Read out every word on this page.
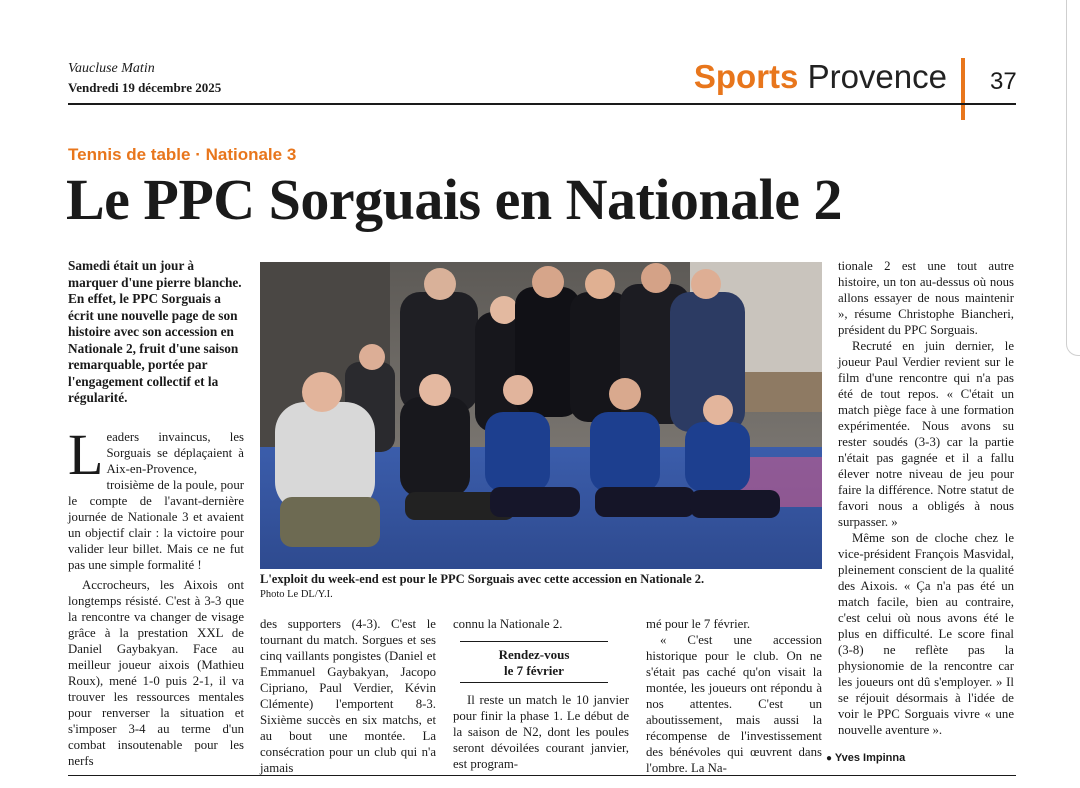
Vaucluse Matin
Vendredi 19 décembre 2025	Sports Provence 37
Tennis de table · Nationale 3
Le PPC Sorguais en Nationale 2

Samedi était un jour à marquer d'une pierre blanche. En effet, le PPC Sorguais a écrit une nouvelle page de son histoire avec son accession en Nationale 2, fruit d'une saison remarquable, portée par l'engagement collectif et la régularité.

Leaders invaincus, les Sorguais se déplaçaient à Aix-en-Provence, troisième de la poule, pour le compte de l'avant-dernière journée de Nationale 3 et avaient un objectif clair : la victoire pour valider leur billet. Mais ce ne fut pas une simple formalité !

Accrocheurs, les Aixois ont longtemps résisté. C'est à 3-3 que la rencontre va changer de visage grâce à la prestation XXL de Daniel Gaybakyan. Face au meilleur joueur aixois (Mathieu Roux), mené 1-0 puis 2-1, il va trouver les ressources mentales pour renverser la situation et s'imposer 3-4 au terme d'un combat insoutenable pour les nerfs

L'exploit du week-end est pour le PPC Sorguais avec cette accession en Nationale 2.
Photo Le DL/Y.I.

des supporters (4-3). C'est le tournant du match. Sorgues et ses cinq vaillants pongistes (Daniel et Emmanuel Gaybakyan, Jacopo Cipriano, Paul Verdier, Kévin Clémente) l'emportent 8-3. Sixième succès en six matchs, et au bout une montée. La consécration pour un club qui n'a jamais

connu la Nationale 2.

Rendez-vous
le 7 février

Il reste un match le 10 janvier pour finir la phase 1. Le début de la saison de N2, dont les poules seront dévoilées courant janvier, est program-

mé pour le 7 février.

« C'est une accession historique pour le club. On ne s'était pas caché qu'on visait la montée, les joueurs ont répondu à nos attentes. C'est un aboutissement, mais aussi la récompense de l'investissement des bénévoles qui œuvrent dans l'ombre. La Na-

tionale 2 est une tout autre histoire, un ton au-dessus où nous allons essayer de nous maintenir », résume Christophe Biancheri, président du PPC Sorguais.

Recruté en juin dernier, le joueur Paul Verdier revient sur le film d'une rencontre qui n'a pas été de tout repos. « C'était un match piège face à une formation expérimentée. Nous avons su rester soudés (3-3) car la partie n'était pas gagnée et il a fallu élever notre niveau de jeu pour faire la différence. Notre statut de favori nous a obligés à nous surpasser. »

Même son de cloche chez le vice-président François Masvidal, pleinement conscient de la qualité des Aixois. « Ça n'a pas été un match facile, bien au contraire, c'est celui où nous avons été le plus en difficulté. Le score final (3-8) ne reflète pas la physionomie de la rencontre car les joueurs ont dû s'employer. » Il se réjouit désormais à l'idée de voir le PPC Sorguais vivre « une nouvelle aventure ».

● Yves Impinna
